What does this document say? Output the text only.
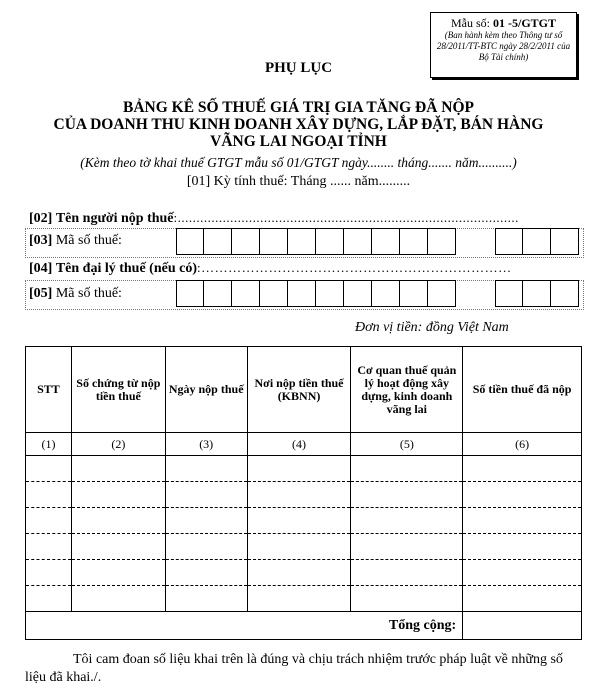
Mẫu số: 01 -5/GTGT
(Ban hành kèm theo Thông tư số 28/2011/TT-BTC ngày 28/2/2011 của Bộ Tài chính)
PHỤ LỤC
BẢNG KÊ SỐ THUẾ GIÁ TRỊ GIA TĂNG ĐÃ NỘP
CỦA DOANH THU KINH DOANH XÂY DỰNG, LẮP ĐẶT, BÁN HÀNG
VÃNG LAI NGOẠI TỈNH
(Kèm theo tờ khai thuế GTGT mẫu số 01/GTGT ngày........ tháng....... năm..........)
[01] Kỳ tính thuế: Tháng ...... năm.........
[02] Tên người nộp thuế:...........................................................................................
[03] Mã số thuế:
[04] Tên đại lý thuế (nếu có):……………………………………………………………
[05] Mã số thuế:
Đơn vị tiền: đồng Việt Nam
STT	Số chứng từ nộp tiền thuế	Ngày nộp thuế	Nơi nộp tiền thuế (KBNN)	Cơ quan thuế quản lý hoạt động xây dựng, kinh doanh vãng lai	Số tiền thuế đã nộp
(1)	(2)	(3)	(4)	(5)	(6)

Tổng cộng:					
Tôi cam đoan số liệu khai trên là đúng và chịu trách nhiệm trước pháp luật về những số liệu đã khai./.
